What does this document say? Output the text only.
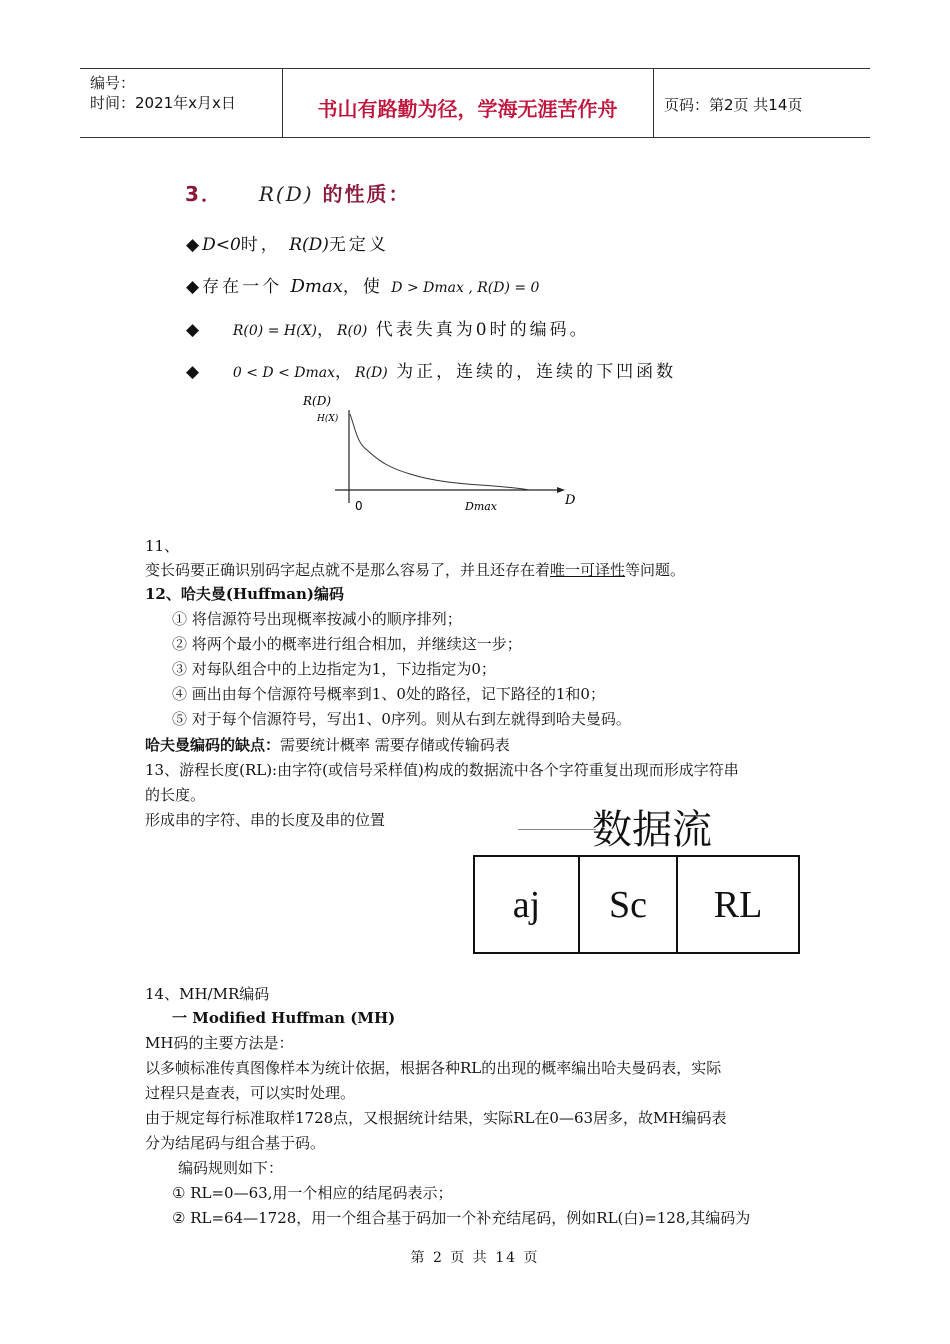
编号：
时间：2021年x月x日	书山有路勤为径，学海无涯苦作舟	页码：第2页 共14页
3． R(D) 的性质：
◆D<0时， R(D)无定义
◆存在一个 Dmax，使 D > Dmax , R(D) = 0
◆ R(0) = H(X)，R(0) 代表失真为0时的编码。
◆ 0 < D < Dmax，R(D) 为正，连续的，连续的下凹函数
R(D)
H(X)
D
0	Dmax
11、
变长码要正确识别码字起点就不是那么容易了，并且还存在着唯一可译性等问题。
12、哈夫曼(Huffman)编码
① 将信源符号出现概率按减小的顺序排列；
② 将两个最小的概率进行组合相加，并继续这一步；
③ 对每队组合中的上边指定为1，下边指定为0；
④ 画出由每个信源符号概率到1、0处的路径，记下路径的1和0；
⑤ 对于每个信源符号，写出1、0序列。则从右到左就得到哈夫曼码。
哈夫曼编码的缺点：需要统计概率 需要存储或传输码表
13、游程长度(RL):由字符(或信号采样值)构成的数据流中各个字符重复出现而形成字符串
的长度。
形成串的字符、串的长度及串的位置	数据流
aj	Sc	RL
14、MH/MR编码
一 Modified Huffman (MH)
MH码的主要方法是：
以多帧标准传真图像样本为统计依据，根据各种RL的出现的概率编出哈夫曼码表，实际
过程只是查表，可以实时处理。
由于规定每行标准取样1728点，又根据统计结果，实际RL在0—63居多，故MH编码表
分为结尾码与组合基于码。
编码规则如下：
① RL=0—63,用一个相应的结尾码表示；
② RL=64—1728，用一个组合基于码加一个补充结尾码，例如RL(白)=128,其编码为
第 2 页 共 14 页
